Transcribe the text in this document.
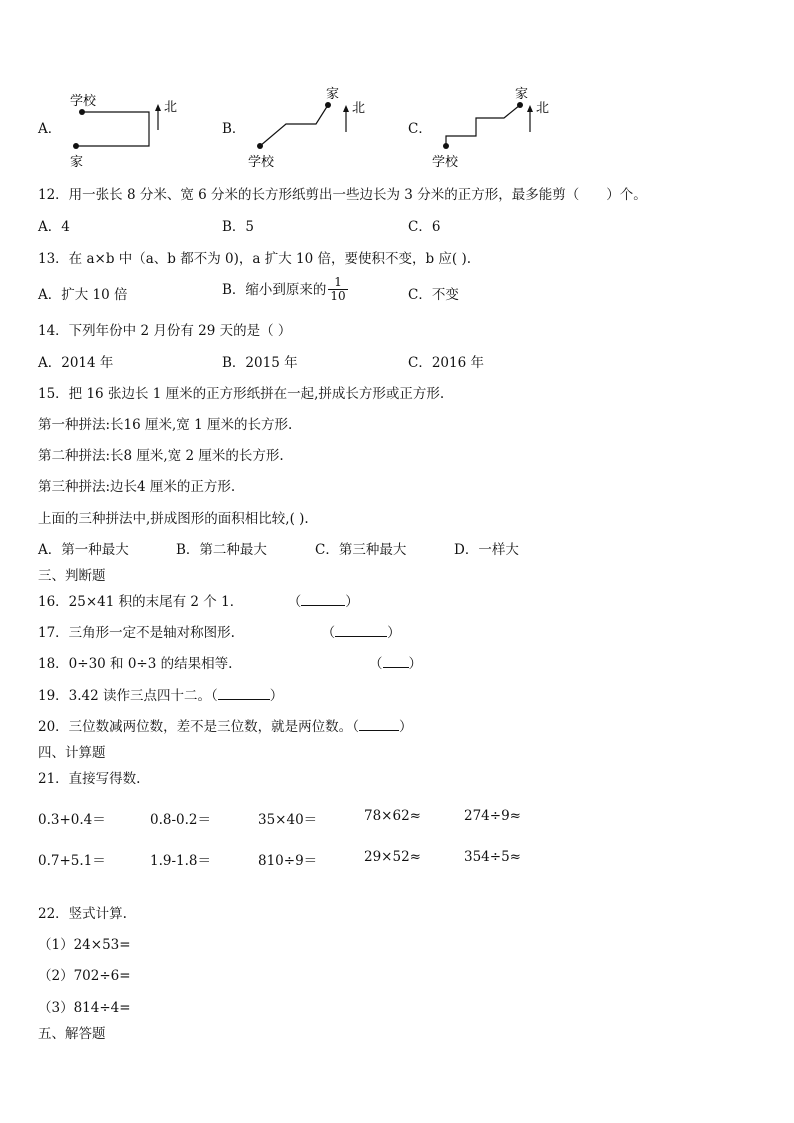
A．
学校
家
北
B．
家
学校
北
C．
家
学校
北
12．用一张长 8 分米、宽 6 分米的长方形纸剪出一些边长为 3 分米的正方形，最多能剪（　　）个。
A．4	B．5	C．6
13．在 a×b 中（a、b 都不为 0)，a 扩大 10 倍，要使积不变，b 应( ).
A．扩大 10 倍	B．缩小到原来的 $\frac{1}{10}$	C．不变
14．下列年份中 2 月份有 29 天的是（ ）
A．2014 年	B．2015 年	C．2016 年
15．把 16 张边长 1 厘米的正方形纸拼在一起,拼成长方形或正方形.
第一种拼法:长16 厘米,宽 1 厘米的长方形.
第二种拼法:长8 厘米,宽 2 厘米的长方形.
第三种拼法:边长4 厘米的正方形.
上面的三种拼法中,拼成图形的面积相比较,( ).
A．第一种最大	B．第二种最大	C．第三种最大	D．一样大
三、判断题
16．25×41 积的末尾有 2 个 1．	（	）
17．三角形一定不是轴对称图形.	（	）
18．0÷30 和 0÷3 的结果相等.	（ ）
19．3.42 读作三点四十二。（	）
20．三位数减两位数，差不是三位数，就是两位数。（	）
四、计算题
21．直接写得数.
0.3+0.4＝	0.8-0.2＝	35×40＝	78×62≈	274÷9≈
0.7+5.1＝	1.9-1.8＝	810÷9＝	29×52≈	354÷5≈
22．竖式计算.
（1）24×53=
（2）702÷6=
（3）814÷4=
五、解答题
